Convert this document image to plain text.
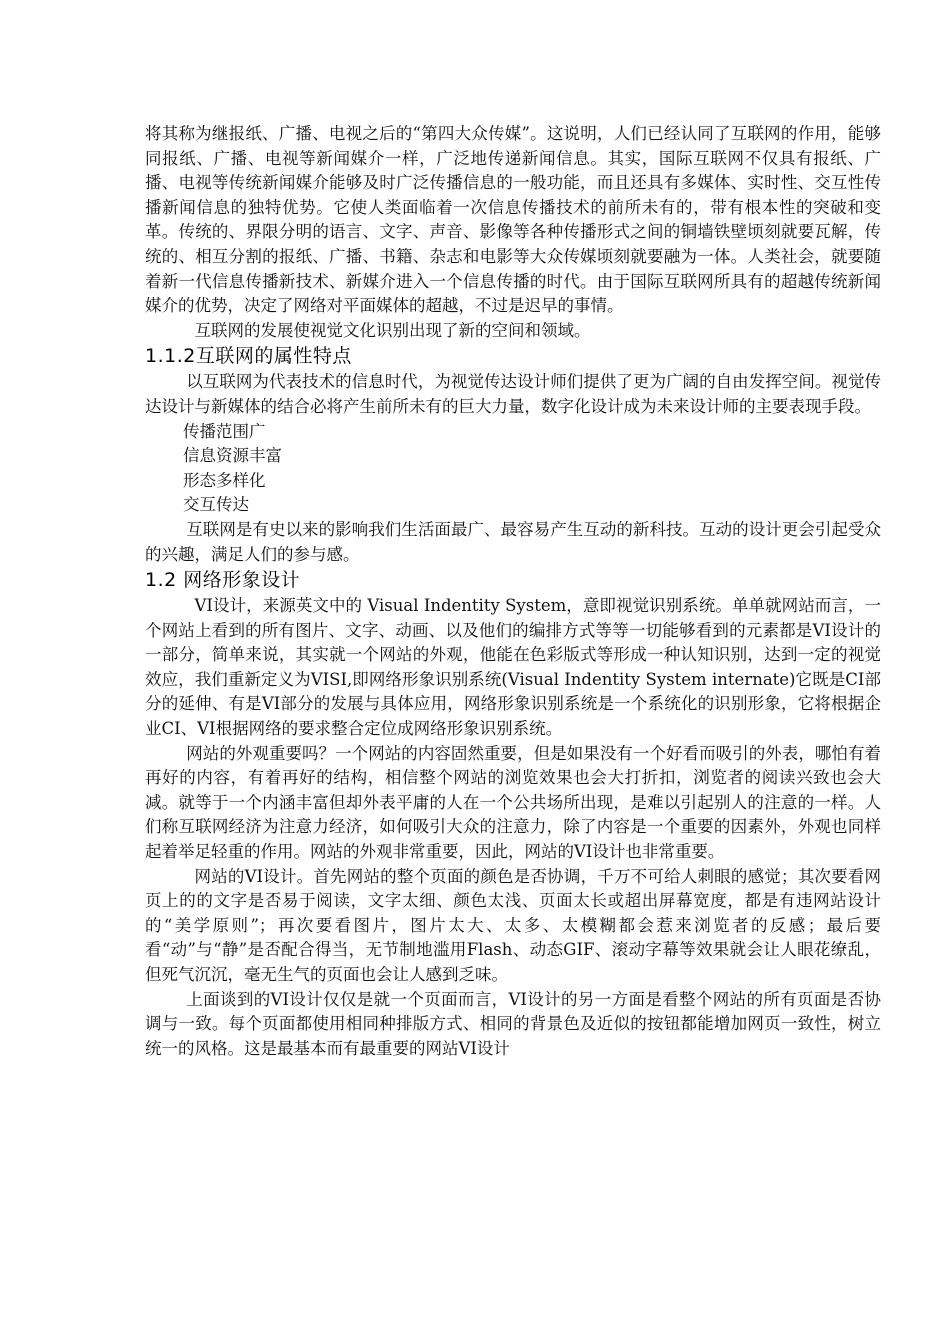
将其称为继报纸、广播、电视之后的“第四大众传媒”。这说明，人们已经认同了互联网的作用，能够同报纸、广播、电视等新闻媒介一样，广泛地传递新闻信息。其实，国际互联网不仅具有报纸、广播、电视等传统新闻媒介能够及时广泛传播信息的一般功能，而且还具有多媒体、实时性、交互性传播新闻信息的独特优势。它使人类面临着一次信息传播技术的前所未有的，带有根本性的突破和变革。传统的、界限分明的语言、文字、声音、影像等各种传播形式之间的铜墙铁壁顷刻就要瓦解，传统的、相互分割的报纸、广播、书籍、杂志和电影等大众传媒顷刻就要融为一体。人类社会，就要随着新一代信息传播新技术、新媒介进入一个信息传播的时代。由于国际互联网所具有的超越传统新闻媒介的优势，决定了网络对平面媒体的超越，不过是迟早的事情。

互联网的发展使视觉文化识别出现了新的空间和领域。

1.1.2互联网的属性特点

以互联网为代表技术的信息时代，为视觉传达设计师们提供了更为广阔的自由发挥空间。视觉传达设计与新媒体的结合必将产生前所未有的巨大力量，数字化设计成为未来设计师的主要表现手段。

传播范围广

信息资源丰富

形态多样化

交互传达

互联网是有史以来的影响我们生活面最广、最容易产生互动的新科技。互动的设计更会引起受众的兴趣，满足人们的参与感。

1.2 网络形象设计

VI设计，来源英文中的 Visual Indentity System，意即视觉识别系统。单单就网站而言，一个网站上看到的所有图片、文字、动画、以及他们的编排方式等等一切能够看到的元素都是VI设计的一部分，简单来说，其实就一个网站的外观，他能在色彩版式等形成一种认知识别，达到一定的视觉效应，我们重新定义为VISI,即网络形象识别系统(Visual Indentity System internate)它既是CI部分的延伸、有是VI部分的发展与具体应用，网络形象识别系统是一个系统化的识别形象，它将根据企业CI、VI根据网络的要求整合定位成网络形象识别系统。

网站的外观重要吗？一个网站的内容固然重要，但是如果没有一个好看而吸引的外表，哪怕有着再好的内容，有着再好的结构，相信整个网站的浏览效果也会大打折扣，浏览者的阅读兴致也会大减。就等于一个内涵丰富但却外表平庸的人在一个公共场所出现，是难以引起别人的注意的一样。人们称互联网经济为注意力经济，如何吸引大众的注意力，除了内容是一个重要的因素外，外观也同样起着举足轻重的作用。网站的外观非常重要，因此，网站的VI设计也非常重要。

网站的VI设计。首先网站的整个页面的颜色是否协调，千万不可给人刺眼的感觉；其次要看网页上的的文字是否易于阅读，文字太细、颜色太浅、页面太长或超出屏幕宽度，都是有违网站设计的“美学原则”；再次要看图片，图片太大、太多、太模糊都会惹来浏览者的反感；最后要看“动”与“静”是否配合得当，无节制地滥用Flash、动态GIF、滚动字幕等效果就会让人眼花缭乱，但死气沉沉，毫无生气的页面也会让人感到乏味。

上面谈到的VI设计仅仅是就一个页面而言，VI设计的另一方面是看整个网站的所有页面是否协调与一致。每个页面都使用相同种排版方式、相同的背景色及近似的按钮都能增加网页一致性，树立统一的风格。这是最基本而有最重要的网站VI设计
